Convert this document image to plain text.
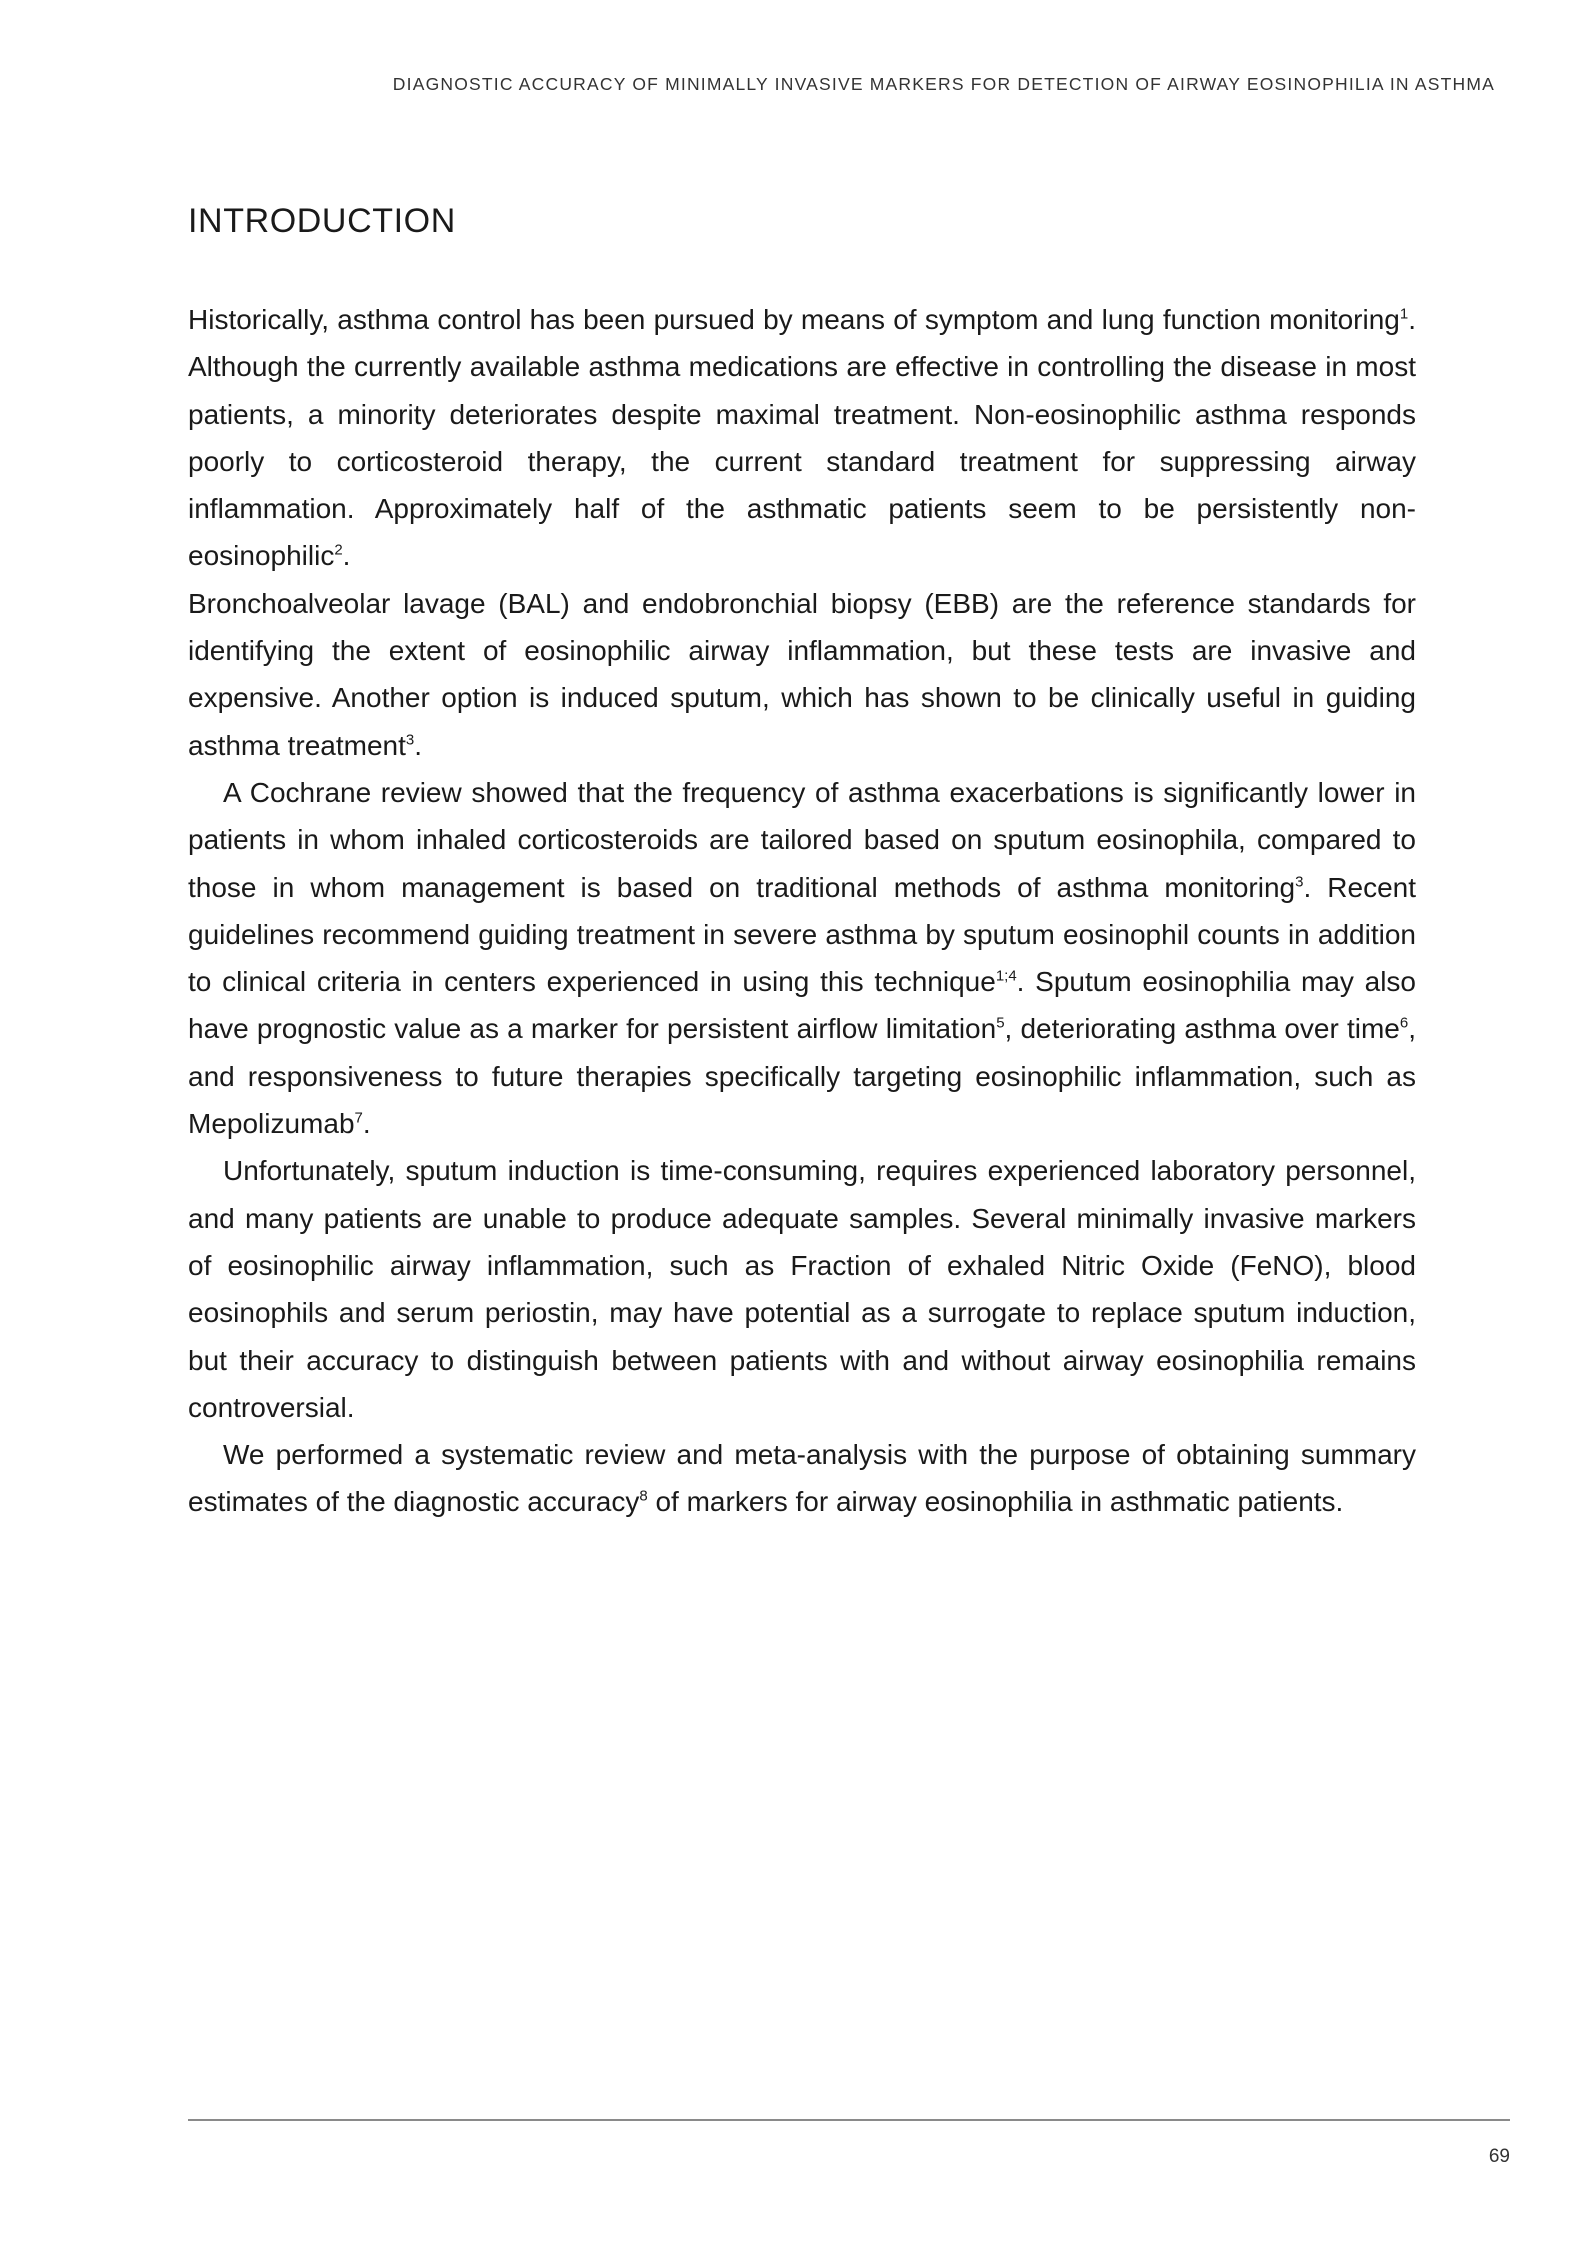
DIAGNOSTIC ACCURACY OF MINIMALLY INVASIVE MARKERS FOR DETECTION OF AIRWAY EOSINOPHILIA IN ASTHMA
INTRODUCTION

Historically, asthma control has been pursued by means of symptom and lung function monitoring$^1$. Although the currently available asthma medications are effective in controlling the disease in most patients, a minority deteriorates despite maximal treatment. Non-eosinophilic asthma responds poorly to corticosteroid therapy, the current standard treatment for suppressing airway inflammation. Approximately half of the asthmatic patients seem to be persistently non-eosinophilic$^2$.

Bronchoalveolar lavage (BAL) and endobronchial biopsy (EBB) are the reference standards for identifying the extent of eosinophilic airway inflammation, but these tests are invasive and expensive. Another option is induced sputum, which has shown to be clinically useful in guiding asthma treatment$^3$.

A Cochrane review showed that the frequency of asthma exacerbations is significantly lower in patients in whom inhaled corticosteroids are tailored based on sputum eosinophila, compared to those in whom management is based on traditional methods of asthma monitoring$^3$. Recent guidelines recommend guiding treatment in severe asthma by sputum eosinophil counts in addition to clinical criteria in centers experienced in using this technique$^{1;4}$. Sputum eosinophilia may also have prognostic value as a marker for persistent airflow limitation$^5$, deteriorating asthma over time$^6$, and responsiveness to future therapies specifically targeting eosinophilic inflammation, such as Mepolizumab$^7$.

Unfortunately, sputum induction is time-consuming, requires experienced laboratory personnel, and many patients are unable to produce adequate samples. Several minimally invasive markers of eosinophilic airway inflammation, such as Fraction of exhaled Nitric Oxide (FeNO), blood eosinophils and serum periostin, may have potential as a surrogate to replace sputum induction, but their accuracy to distinguish between patients with and without airway eosinophilia remains controversial.

We performed a systematic review and meta-analysis with the purpose of obtaining summary estimates of the diagnostic accuracy$^8$ of markers for airway eosinophilia in asthmatic patients.

69
